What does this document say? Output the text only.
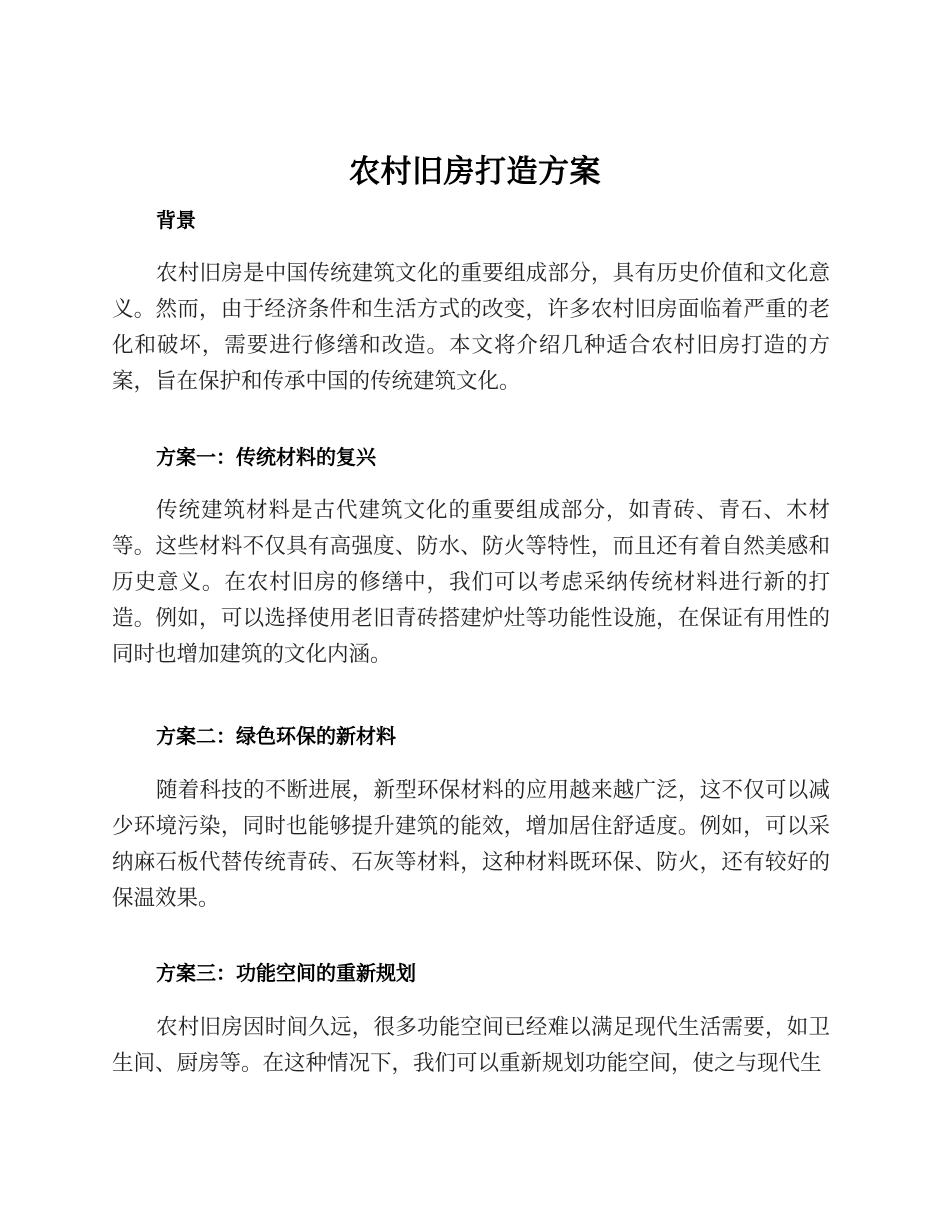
农村旧房打造方案
背景

农村旧房是中国传统建筑文化的重要组成部分，具有历史价值和文化意义。然而，由于经济条件和生活方式的改变，许多农村旧房面临着严重的老化和破坏，需要进行修缮和改造。本文将介绍几种适合农村旧房打造的方案，旨在保护和传承中国的传统建筑文化。

方案一：传统材料的复兴

传统建筑材料是古代建筑文化的重要组成部分，如青砖、青石、木材等。这些材料不仅具有高强度、防水、防火等特性，而且还有着自然美感和历史意义。在农村旧房的修缮中，我们可以考虑采纳传统材料进行新的打造。例如，可以选择使用老旧青砖搭建炉灶等功能性设施，在保证有用性的同时也增加建筑的文化内涵。

方案二：绿色环保的新材料

随着科技的不断进展，新型环保材料的应用越来越广泛，这不仅可以减少环境污染，同时也能够提升建筑的能效，增加居住舒适度。例如，可以采纳麻石板代替传统青砖、石灰等材料，这种材料既环保、防火，还有较好的保温效果。

方案三：功能空间的重新规划

农村旧房因时间久远，很多功能空间已经难以满足现代生活需要，如卫生间、厨房等。在这种情况下，我们可以重新规划功能空间，使之与现代生
